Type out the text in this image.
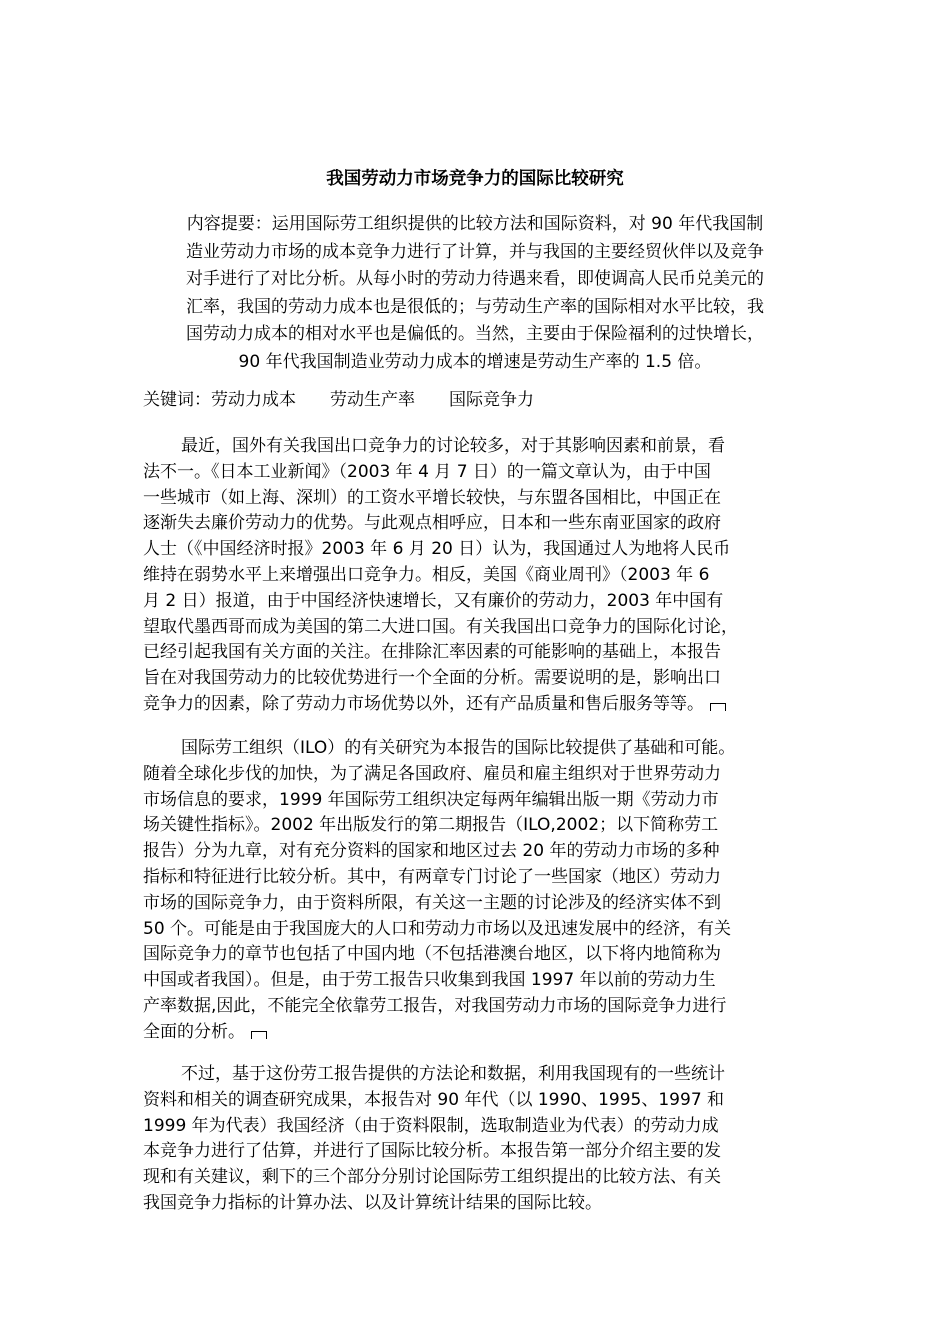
我国劳动力市场竞争力的国际比较研究
内容提要：运用国际劳工组织提供的比较方法和国际资料，对 90 年代我国制
造业劳动力市场的成本竞争力进行了计算，并与我国的主要经贸伙伴以及竞争
对手进行了对比分析。从每小时的劳动力待遇来看，即使调高人民币兑美元的
汇率，我国的劳动力成本也是很低的；与劳动生产率的国际相对水平比较，我
国劳动力成本的相对水平也是偏低的。当然，主要由于保险福利的过快增长，
90 年代我国制造业劳动力成本的增速是劳动生产率的 1.5 倍。
关键词：劳动力成本 劳动生产率 国际竞争力
最近，国外有关我国出口竞争力的讨论较多，对于其影响因素和前景，看
法不一。《日本工业新闻》（2003 年 4 月 7 日）的一篇文章认为，由于中国
一些城市（如上海、深圳）的工资水平增长较快，与东盟各国相比，中国正在
逐渐失去廉价劳动力的优势。与此观点相呼应，日本和一些东南亚国家的政府
人士（《中国经济时报》2003 年 6 月 20 日）认为，我国通过人为地将人民币
维持在弱势水平上来增强出口竞争力。相反，美国《商业周刊》（2003 年 6
月 2 日）报道，由于中国经济快速增长，又有廉价的劳动力，2003 年中国有
望取代墨西哥而成为美国的第二大进口国。有关我国出口竞争力的国际化讨论，
已经引起我国有关方面的关注。在排除汇率因素的可能影响的基础上，本报告
旨在对我国劳动力的比较优势进行一个全面的分析。需要说明的是，影响出口
竞争力的因素，除了劳动力市场优势以外，还有产品质量和售后服务等等。
国际劳工组织（ILO）的有关研究为本报告的国际比较提供了基础和可能。
随着全球化步伐的加快，为了满足各国政府、雇员和雇主组织对于世界劳动力
市场信息的要求，1999 年国际劳工组织决定每两年编辑出版一期《劳动力市
场关键性指标》。2002 年出版发行的第二期报告（ILO,2002；以下简称劳工
报告）分为九章，对有充分资料的国家和地区过去 20 年的劳动力市场的多种
指标和特征进行比较分析。其中，有两章专门讨论了一些国家（地区）劳动力
市场的国际竞争力，由于资料所限，有关这一主题的讨论涉及的经济实体不到
50 个。可能是由于我国庞大的人口和劳动力市场以及迅速发展中的经济，有关
国际竞争力的章节也包括了中国内地（不包括港澳台地区，以下将内地简称为
中国或者我国）。但是，由于劳工报告只收集到我国 1997 年以前的劳动力生
产率数据,因此，不能完全依靠劳工报告，对我国劳动力市场的国际竞争力进行
全面的分析。
不过，基于这份劳工报告提供的方法论和数据，利用我国现有的一些统计
资料和相关的调查研究成果，本报告对 90 年代（以 1990、1995、1997 和
1999 年为代表）我国经济（由于资料限制，选取制造业为代表）的劳动力成
本竞争力进行了估算，并进行了国际比较分析。本报告第一部分介绍主要的发
现和有关建议，剩下的三个部分分别讨论国际劳工组织提出的比较方法、有关
我国竞争力指标的计算办法、以及计算统计结果的国际比较。
